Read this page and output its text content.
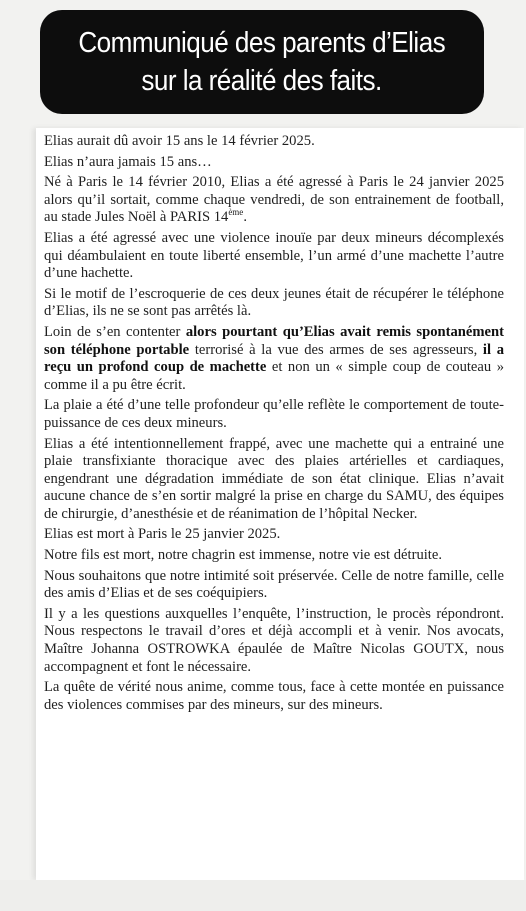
Communiqué des parents d’Elias
sur la réalité des faits.

Elias aurait dû avoir 15 ans le 14 février 2025.

Elias n’aura jamais 15 ans…

Né à Paris le 14 février 2010, Elias a été agressé à Paris le 24 janvier 2025 alors qu’il sortait, comme chaque vendredi, de son entrainement de football, au stade Jules Noël à PARIS 14ème.

Elias a été agressé avec une violence inouïe par deux mineurs décomplexés qui déambulaient en toute liberté ensemble, l’un armé d’une machette l’autre d’une hachette.

Si le motif de l’escroquerie de ces deux jeunes était de récupérer le téléphone d’Elias, ils ne se sont pas arrêtés là.

Loin de s’en contenter alors pourtant qu’Elias avait remis spontanément son téléphone portable terrorisé à la vue des armes de ses agresseurs, il a reçu un profond coup de machette et non un « simple coup de couteau » comme il a pu être écrit.

La plaie a été d’une telle profondeur qu’elle reflète le comportement de toute-puissance de ces deux mineurs.

Elias a été intentionnellement frappé, avec une machette qui a entrainé une plaie transfixiante thoracique avec des plaies artérielles et cardiaques, engendrant une dégradation immédiate de son état clinique. Elias n’avait aucune chance de s’en sortir malgré la prise en charge du SAMU, des équipes de chirurgie, d’anesthésie et de réanimation de l’hôpital Necker.

Elias est mort à Paris le 25 janvier 2025.

Notre fils est mort, notre chagrin est immense, notre vie est détruite.

Nous souhaitons que notre intimité soit préservée. Celle de notre famille, celle des amis d’Elias et de ses coéquipiers.

Il y a les questions auxquelles l’enquête, l’instruction, le procès répondront. Nous respectons le travail d’ores et déjà accompli et à venir. Nos avocats, Maître Johanna OSTROWKA épaulée de Maître Nicolas GOUTX, nous accompagnent et font le nécessaire.

La quête de vérité nous anime, comme tous, face à cette montée en puissance des violences commises par des mineurs, sur des mineurs.
